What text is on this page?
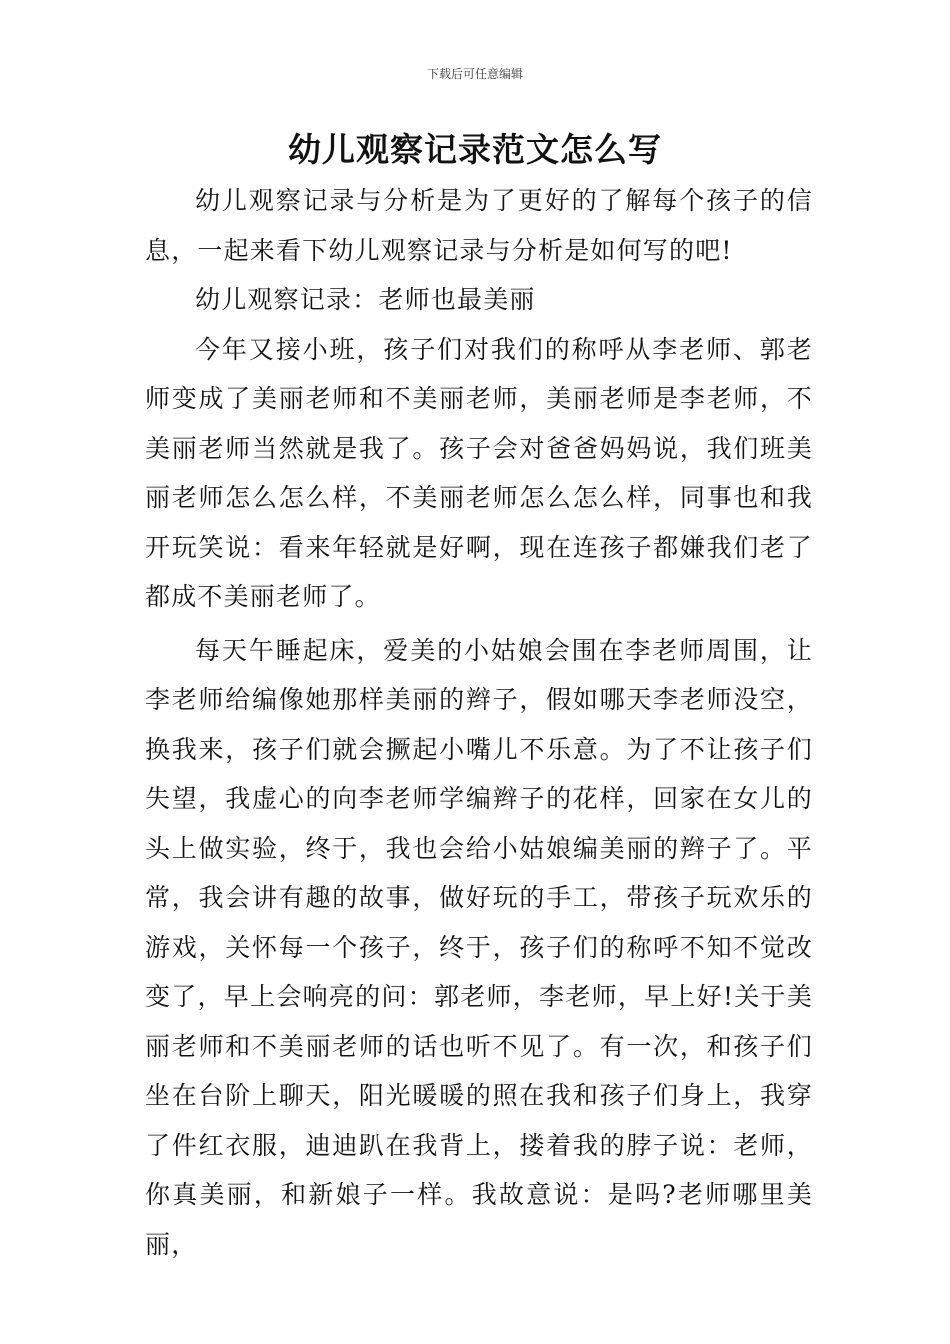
下载后可任意编辑
幼儿观察记录范文怎么写

幼儿观察记录与分析是为了更好的了解每个孩子的信息，一起来看下幼儿观察记录与分析是如何写的吧!

幼儿观察记录：老师也最美丽

今年又接小班，孩子们对我们的称呼从李老师、郭老师变成了美丽老师和不美丽老师，美丽老师是李老师，不美丽老师当然就是我了。孩子会对爸爸妈妈说，我们班美丽老师怎么怎么样，不美丽老师怎么怎么样，同事也和我开玩笑说：看来年轻就是好啊，现在连孩子都嫌我们老了都成不美丽老师了。

每天午睡起床，爱美的小姑娘会围在李老师周围，让李老师给编像她那样美丽的辫子，假如哪天李老师没空，换我来，孩子们就会撅起小嘴儿不乐意。为了不让孩子们失望，我虚心的向李老师学编辫子的花样，回家在女儿的头上做实验，终于，我也会给小姑娘编美丽的辫子了。平常，我会讲有趣的故事，做好玩的手工，带孩子玩欢乐的游戏，关怀每一个孩子，终于，孩子们的称呼不知不觉改变了，早上会响亮的问：郭老师，李老师，早上好!关于美丽老师和不美丽老师的话也听不见了。有一次，和孩子们坐在台阶上聊天，阳光暖暖的照在我和孩子们身上，我穿了件红衣服，迪迪趴在我背上，搂着我的脖子说：老师，你真美丽，和新娘子一样。我故意说：是吗?老师哪里美丽，
